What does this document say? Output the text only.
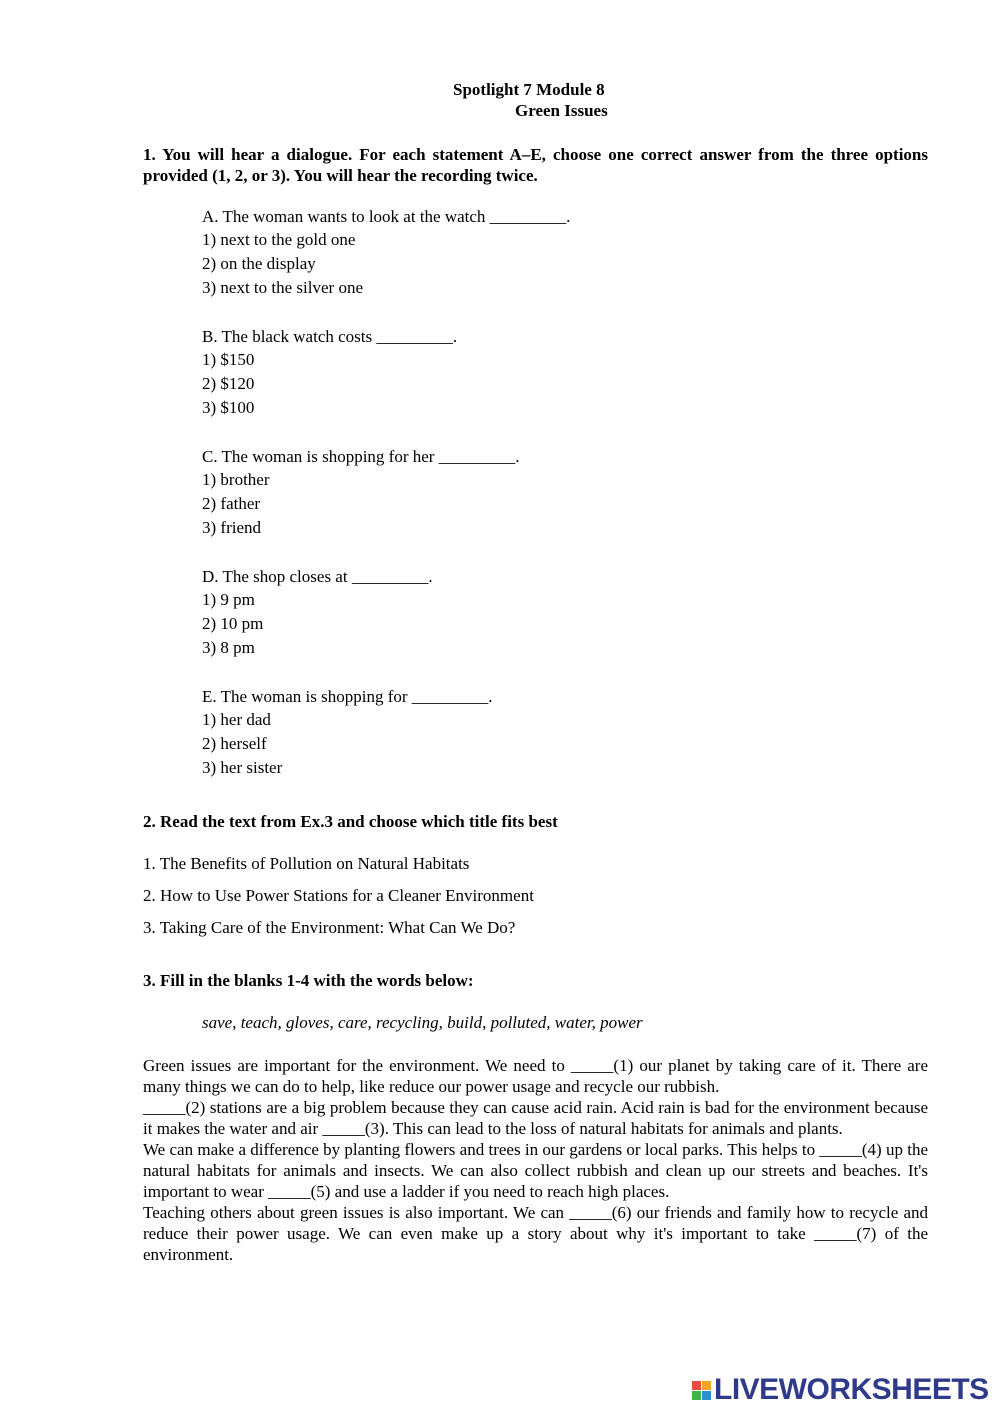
Spotlight 7 Module 8
Green Issues

1. You will hear a dialogue. For each statement A–E, choose one correct answer from the three options provided (1, 2, or 3). You will hear the recording twice.

A. The woman wants to look at the watch _________.
1) next to the gold one
2) on the display
3) next to the silver one
B. The black watch costs _________.
1) $150
2) $120
3) $100
C. The woman is shopping for her _________.
1) brother
2) father
3) friend
D. The shop closes at _________.
1) 9 pm
2) 10 pm
3) 8 pm
E. The woman is shopping for _________.
1) her dad
2) herself
3) her sister
2. Read the text from Ex.3 and choose which title fits best
1. The Benefits of Pollution on Natural Habitats
2. How to Use Power Stations for a Cleaner Environment
3. Taking Care of the Environment: What Can We Do?
3. Fill in the blanks 1-4 with the words below:
save, teach, gloves, care, recycling, build, polluted, water, power

Green issues are important for the environment. We need to _____(1) our planet by taking care of it. There are many things we can do to help, like reduce our power usage and recycle our rubbish.

_____(2) stations are a big problem because they can cause acid rain. Acid rain is bad for the environment because it makes the water and air _____(3). This can lead to the loss of natural habitats for animals and plants.

We can make a difference by planting flowers and trees in our gardens or local parks. This helps to _____(4) up the natural habitats for animals and insects. We can also collect rubbish and clean up our streets and beaches. It's important to wear _____(5) and use a ladder if you need to reach high places.

Teaching others about green issues is also important. We can _____(6) our friends and family how to recycle and reduce their power usage. We can even make up a story about why it's important to take _____(7) of the environment.

LIVEWORKSHEETS
